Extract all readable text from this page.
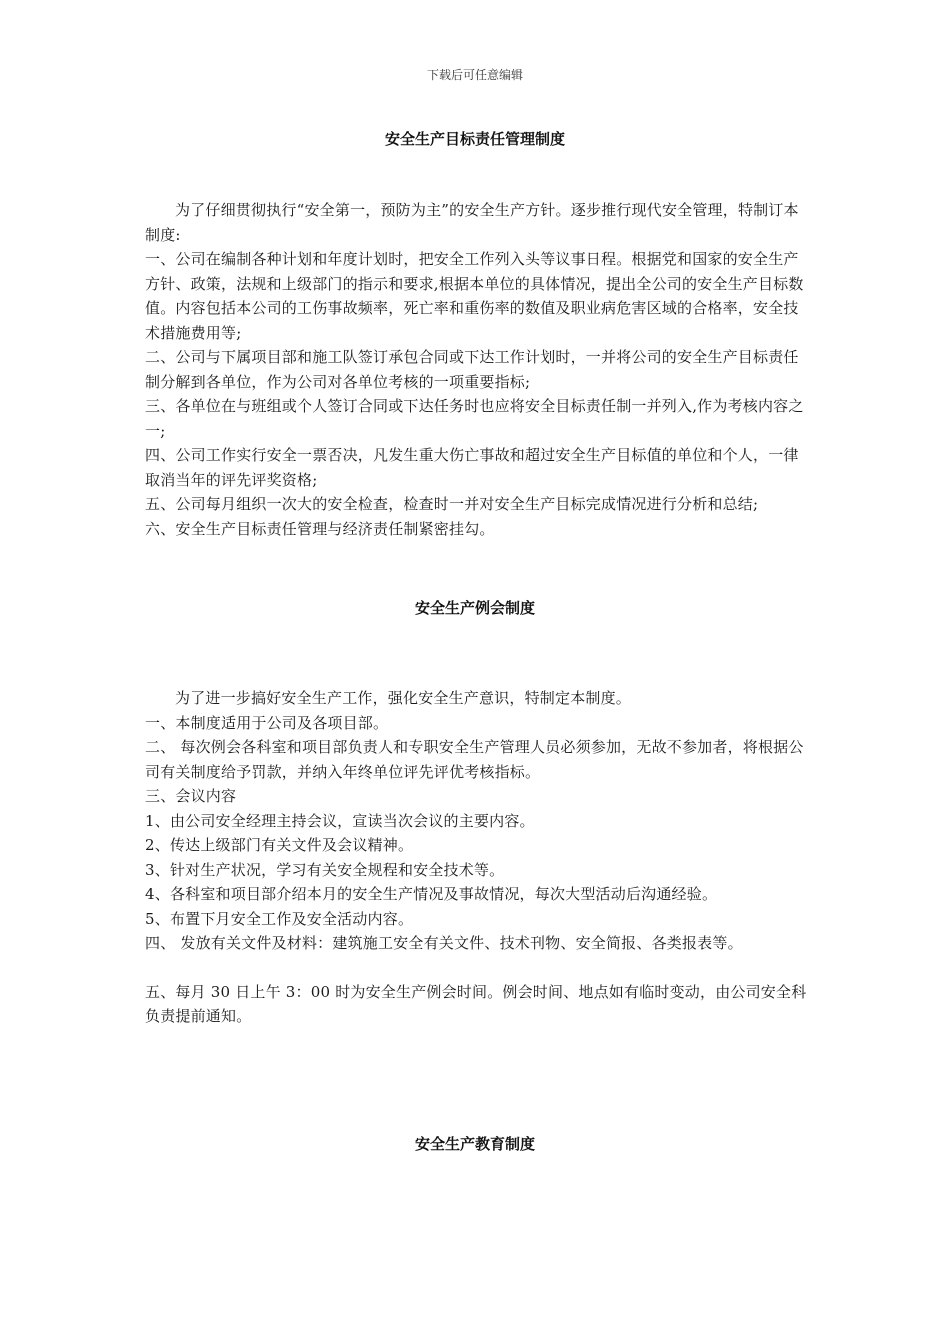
下载后可任意编辑
安全生产目标责任管理制度

为了仔细贯彻执行“安全第一，预防为主”的安全生产方针。逐步推行现代安全管理，特制订本制度:

一、公司在编制各种计划和年度计划时，把安全工作列入头等议事日程。根据党和国家的安全生产方针、政策，法规和上级部门的指示和要求,根据本单位的具体情况，提出全公司的安全生产目标数值。内容包括本公司的工伤事故频率，死亡率和重伤率的数值及职业病危害区域的合格率，安全技术措施费用等;

二、公司与下属项目部和施工队签订承包合同或下达工作计划时，一并将公司的安全生产目标责任制分解到各单位，作为公司对各单位考核的一项重要指标;

三、各单位在与班组或个人签订合同或下达任务时也应将安全目标责任制一并列入,作为考核内容之一;

四、公司工作实行安全一票否决，凡发生重大伤亡事故和超过安全生产目标值的单位和个人，一律取消当年的评先评奖资格;

五、公司每月组织一次大的安全检查，检查时一并对安全生产目标完成情况进行分析和总结;

六、安全生产目标责任管理与经济责任制紧密挂勾。

安全生产例会制度

为了进一步搞好安全生产工作，强化安全生产意识，特制定本制度。

一、本制度适用于公司及各项目部。

二、 每次例会各科室和项目部负责人和专职安全生产管理人员必须参加，无故不参加者，将根据公司有关制度给予罚款，并纳入年终单位评先评优考核指标。

三、会议内容

1、由公司安全经理主持会议，宣读当次会议的主要内容。

2、传达上级部门有关文件及会议精神。

3、针对生产状况，学习有关安全规程和安全技术等。

4、各科室和项目部介绍本月的安全生产情况及事故情况，每次大型活动后沟通经验。

5、布置下月安全工作及安全活动内容。

四、 发放有关文件及材料：建筑施工安全有关文件、技术刊物、安全简报、各类报表等。

五、每月 30 日上午 3：00 时为安全生产例会时间。例会时间、地点如有临时变动，由公司安全科负责提前通知。

安全生产教育制度
